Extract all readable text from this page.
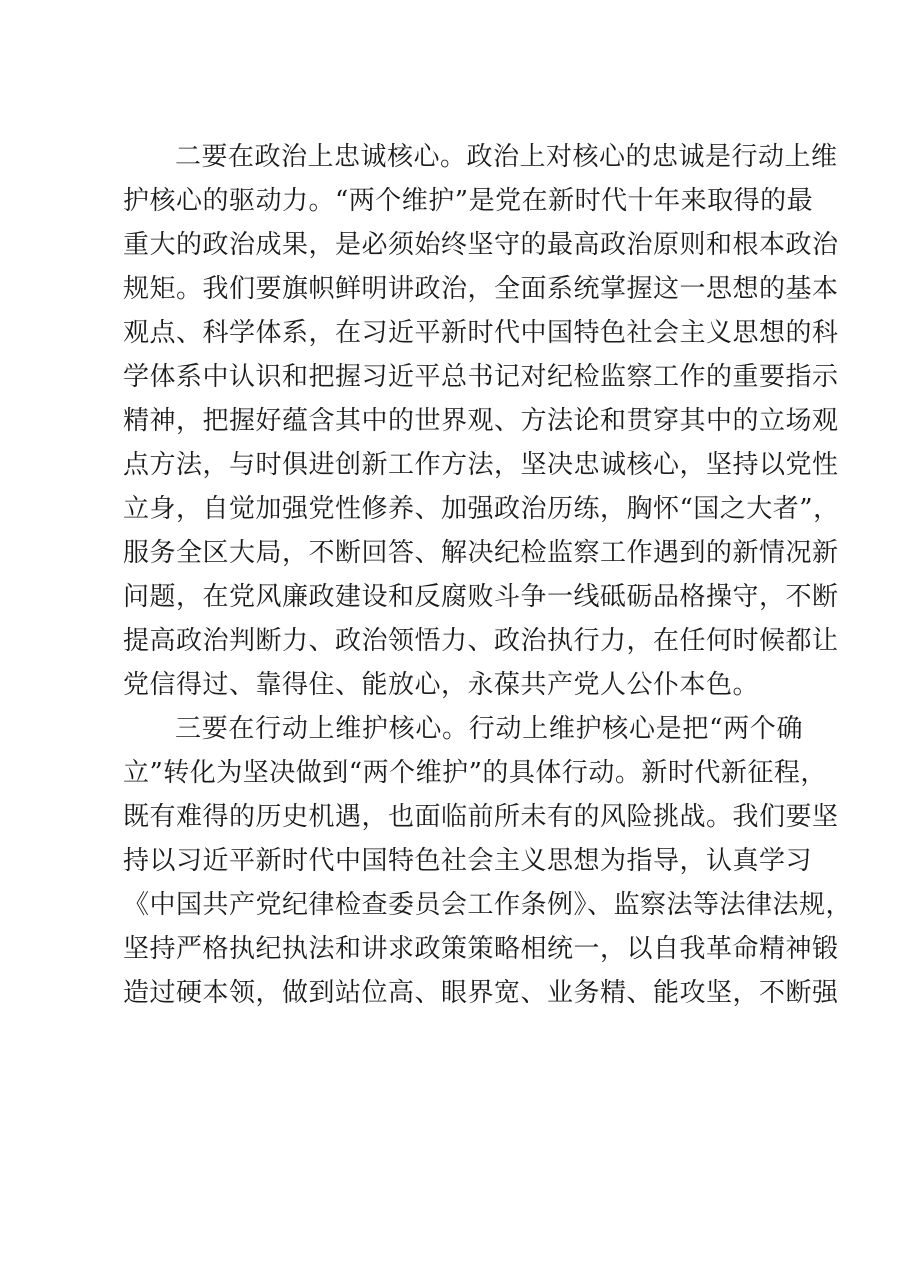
二要在政治上忠诚核心。政治上对核心的忠诚是行动上维
护核心的驱动力。“两个维护”是党在新时代十年来取得的最
重大的政治成果，是必须始终坚守的最高政治原则和根本政治
规矩。我们要旗帜鲜明讲政治，全面系统掌握这一思想的基本
观点、科学体系，在习近平新时代中国特色社会主义思想的科
学体系中认识和把握习近平总书记对纪检监察工作的重要指示
精神，把握好蕴含其中的世界观、方法论和贯穿其中的立场观
点方法，与时俱进创新工作方法，坚决忠诚核心，坚持以党性
立身，自觉加强党性修养、加强政治历练，胸怀“国之大者”，
服务全区大局，不断回答、解决纪检监察工作遇到的新情况新
问题，在党风廉政建设和反腐败斗争一线砥砺品格操守，不断
提高政治判断力、政治领悟力、政治执行力，在任何时候都让
党信得过、靠得住、能放心，永葆共产党人公仆本色。
三要在行动上维护核心。行动上维护核心是把“两个确
立”转化为坚决做到“两个维护”的具体行动。新时代新征程，
既有难得的历史机遇，也面临前所未有的风险挑战。我们要坚
持以习近平新时代中国特色社会主义思想为指导，认真学习
《中国共产党纪律检查委员会工作条例》、监察法等法律法规，
坚持严格执纪执法和讲求政策策略相统一，以自我革命精神锻
造过硬本领，做到站位高、眼界宽、业务精、能攻坚，不断强
